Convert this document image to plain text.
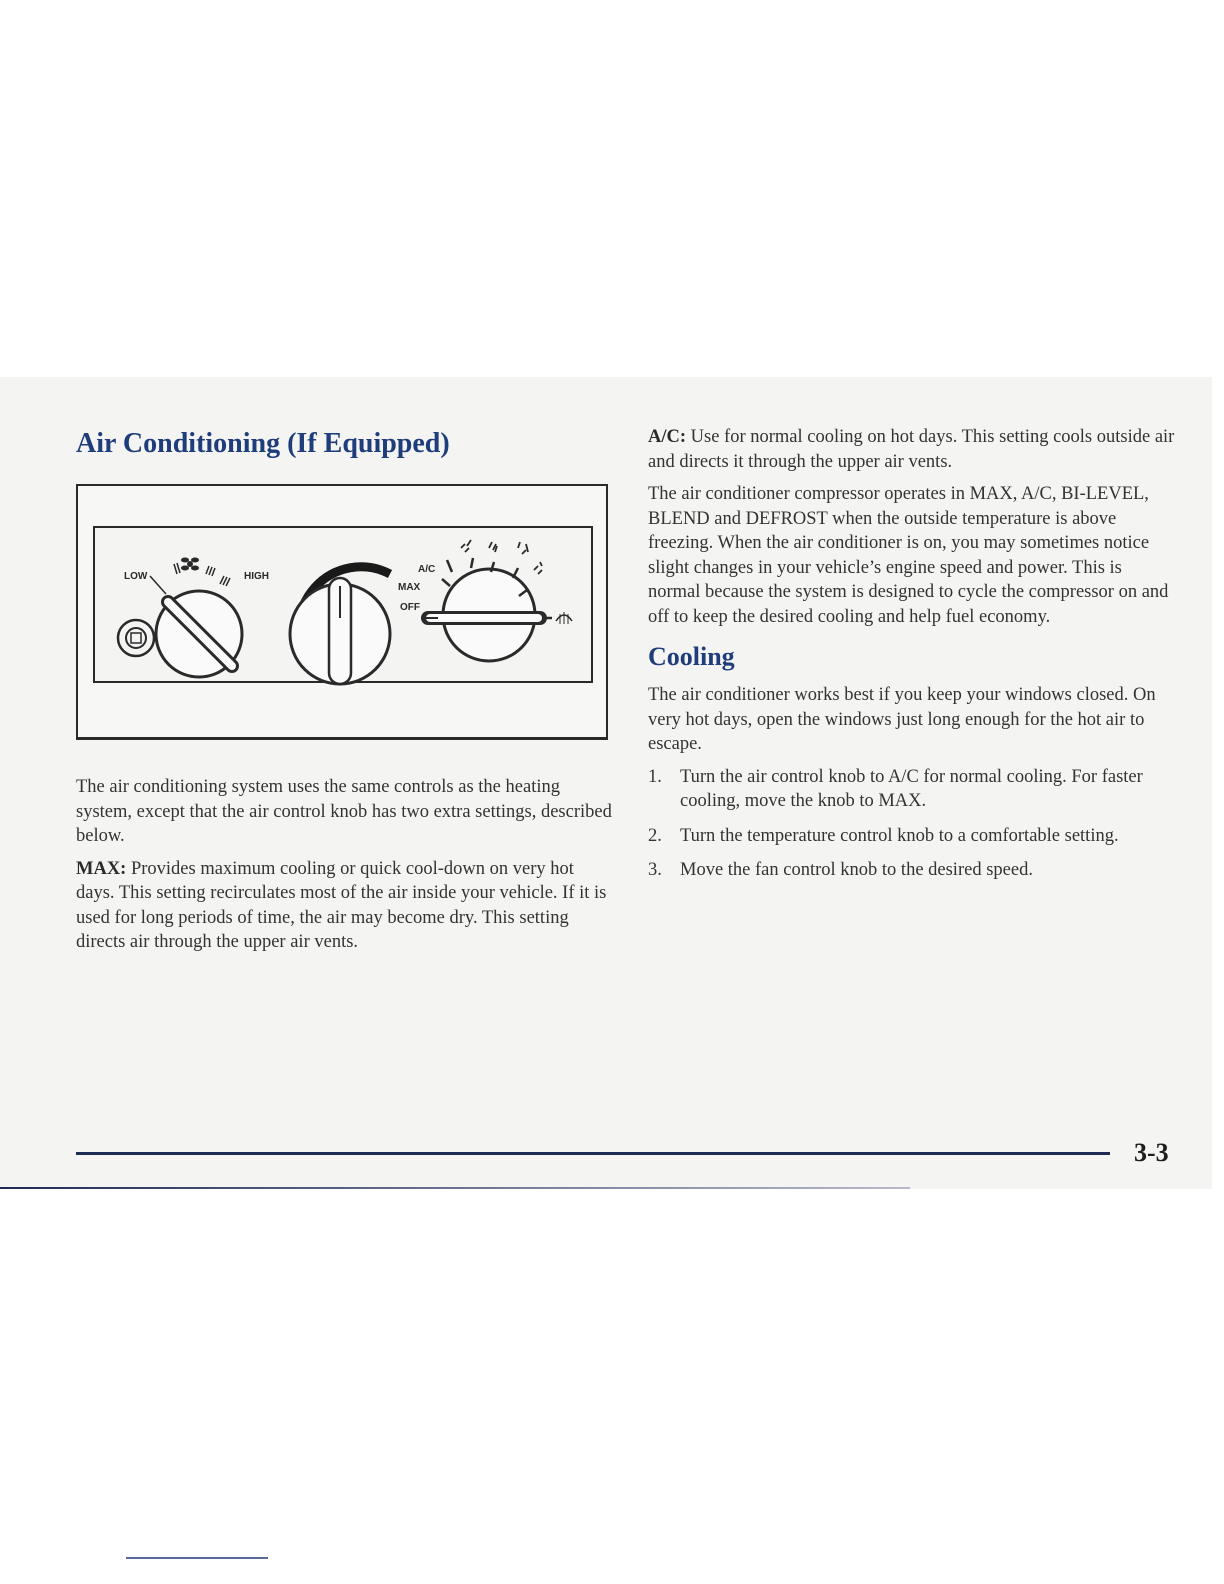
Air Conditioning (If Equipped)
LOW	HIGH
A/C
MAX
OFF

The air conditioning system uses the same controls as the heating system, except that the air control knob has two extra settings, described below.

MAX: Provides maximum cooling or quick cool-down on very hot days. This setting recirculates most of the air inside your vehicle. If it is used for long periods of time, the air may become dry. This setting directs air through the upper air vents.

A/C: Use for normal cooling on hot days. This setting cools outside air and directs it through the upper air vents.

The air conditioner compressor operates in MAX, A/C, BI-LEVEL, BLEND and DEFROST when the outside temperature is above freezing. When the air conditioner is on, you may sometimes notice slight changes in your vehicle’s engine speed and power. This is normal because the system is designed to cycle the compressor on and off to keep the desired cooling and help fuel economy.

Cooling

The air conditioner works best if you keep your windows closed. On very hot days, open the windows just long enough for the hot air to escape.

1. Turn the air control knob to A/C for normal cooling. For faster cooling, move the knob to MAX.
2. Turn the temperature control knob to a comfortable setting.
3. Move the fan control knob to the desired speed.
3-3
